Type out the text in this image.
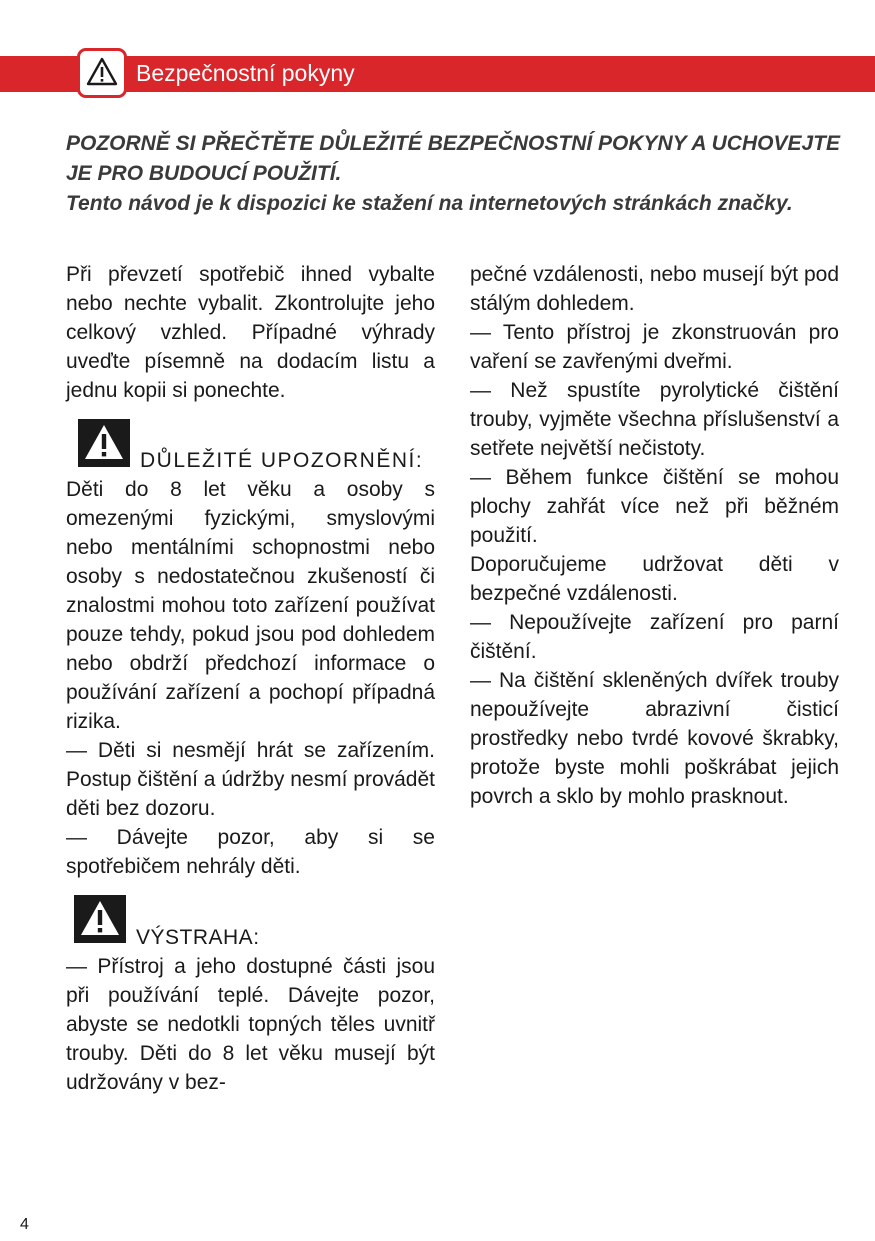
Bezpečnostní pokyny

POZORNĚ SI PŘEČTĚTE DŮLEŽITÉ BEZPEČNOSTNÍ POKYNY A UCHOVEJTE JE PRO BUDOUCÍ POUŽITÍ.

Tento návod je k dispozici ke stažení na internetových stránkách značky.

Při převzetí spotřebič ihned vybalte nebo nechte vybalit. Zkontrolujte jeho celkový vzhled. Případné výhrady uveďte písemně na dodacím listu a jednu kopii si ponechte.

DŮLEŽITÉ UPOZORNĚNÍ:

Děti do 8 let věku a osoby s omezenými fyzickými, smyslovými nebo mentálními schopnostmi nebo osoby s nedostatečnou zkušeností či znalostmi mohou toto zařízení používat pouze tehdy, pokud jsou pod dohledem nebo obdrží předchozí informace o používání zařízení a pochopí případná rizika.

— Děti si nesmějí hrát se zařízením. Postup čištění a údržby nesmí provádět děti bez dozoru.

— Dávejte pozor, aby si se spotřebičem nehrály děti.

VÝSTRAHA:

— Přístroj a jeho dostupné části jsou při používání teplé. Dávejte pozor, abyste se nedotkli topných těles uvnitř trouby. Děti do 8 let věku musejí být udržovány v bez-

pečné vzdálenosti, nebo musejí být pod stálým dohledem.

— Tento přístroj je zkonstruován pro vaření se zavřenými dveřmi.

— Než spustíte pyrolytické čištění trouby, vyjměte všechna příslušenství a setřete největší nečistoty.

— Během funkce čištění se mohou plochy zahřát více než při běžném použití.

Doporučujeme udržovat děti v bezpečné vzdálenosti.

— Nepoužívejte zařízení pro parní čištění.

— Na čištění skleněných dvířek trouby nepoužívejte abrazivní čisticí prostředky nebo tvrdé kovové škrabky, protože byste mohli poškrábat jejich povrch a sklo by mohlo prasknout.

4
